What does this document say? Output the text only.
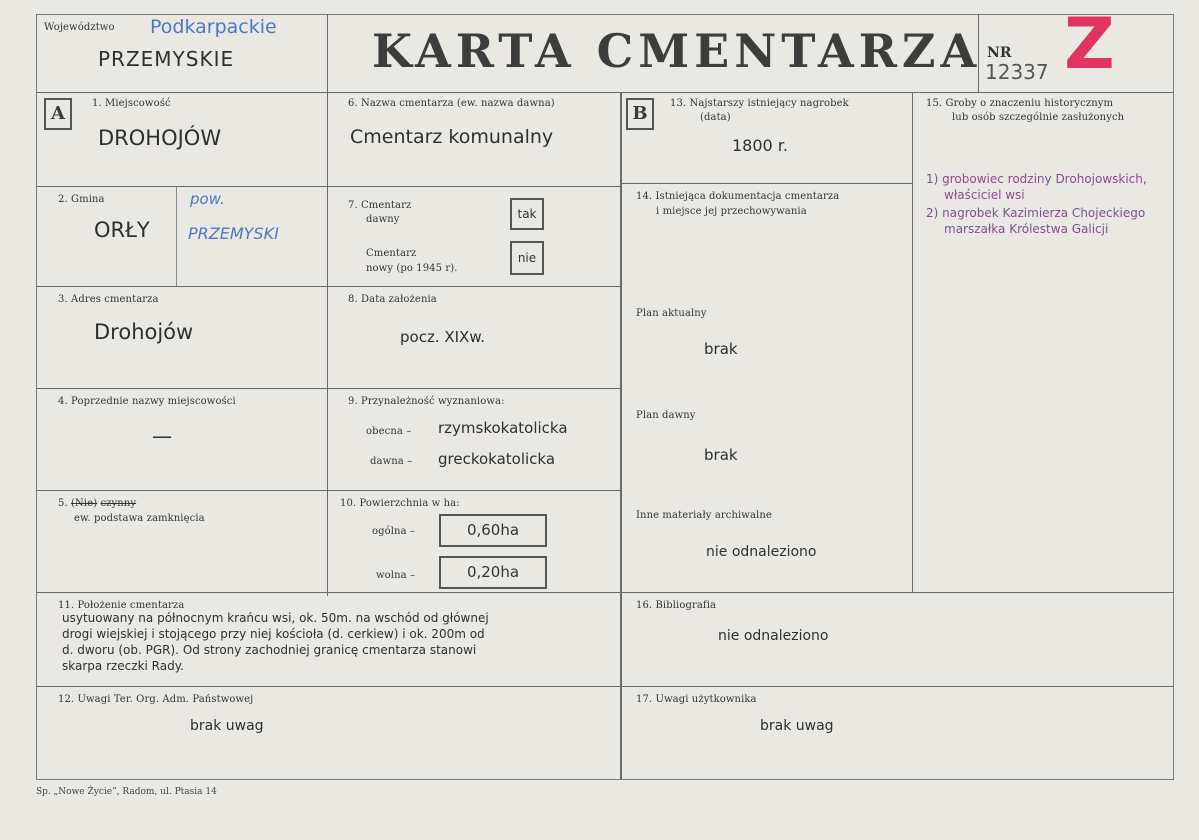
Województwo Podkarpackie
PRZEMYSKIE	KARTA CMENTARZA NR
12337 Z
A	1. Miejscowość
DROHOJÓW
2. Gmina
ORŁY
pow.
PRZEMYSKI
3. Adres cmentarza
Drohojów
4. Poprzednie nazwy miejscowości
—
5. (Nie) czynny
ew. podstawa zamknięcia
6. Nazwa cmentarza (ew. nazwa dawna)
Cmentarz komunalny
7. Cmentarz
dawny	tak
Cmentarz
nowy (po 1945 r).
nie
8. Data założenia
pocz. XIXw.
9. Przynależność wyznaniowa:
obecna – rzymskokatolicka
dawna – greckokatolicka
10. Powierzchnia w ha:
ogólna –	0,60ha
wolna –	0,20ha
B	13. Najstarszy istniejący nagrobek
(data)
1800 r.
14. Istniejąca dokumentacja cmentarza
i miejsce jej przechowywania
Plan aktualny
brak
Plan dawny
brak
Inne materiały archiwalne
nie odnaleziono
15. Groby o znaczeniu historycznym
lub osób szczególnie zasłużonych
1) grobowiec rodziny Drohojowskich,
właściciel wsi
2) nagrobek Kazimierza Chojeckiego
marszałka Królestwa Galicji
11. Położenie cmentarza
usytuowany na północnym krańcu wsi, ok. 50m. na wschód od głównej
drogi wiejskiej i stojącego przy niej kościoła (d. cerkiew) i ok. 200m od
d. dworu (ob. PGR). Od strony zachodniej granicę cmentarza stanowi
skarpa rzeczki Rady.
16. Bibliografia
nie odnaleziono
12. Uwagi Ter. Org. Adm. Państwowej
brak uwag
17. Uwagi użytkownika
brak uwag
Sp. „Nowe Życie”, Radom, ul. Ptasia 14
